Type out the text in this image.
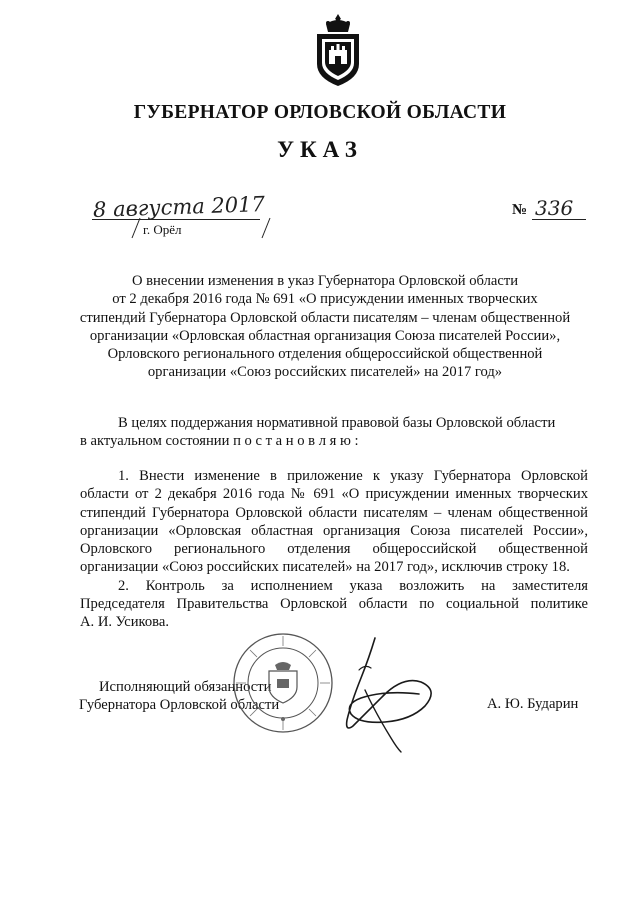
ГУБЕРНАТОР ОРЛОВСКОЙ ОБЛАСТИ
УКАЗ
8 августа 2017
г. Орёл
№ 336
О внесении изменения в указ Губернатора Орловской области
от 2 декабря 2016 года № 691 «О присуждении именных творческих
стипендий Губернатора Орловской области писателям – членам общественной
организации «Орловская областная организация Союза писателей России»,
Орловского регионального отделения общероссийской общественной
организации «Союз российских писателей» на 2017 год»
В целях поддержания нормативной правовой базы Орловской области
в актуальном состоянии п о с т а н о в л я ю :
1. Внести изменение в приложение к указу Губернатора Орловской
области от 2 декабря 2016 года № 691 «О присуждении именных творческих
стипендий Губернатора Орловской области писателям – членам общественной
организации «Орловская областная организация Союза писателей России»,
Орловского регионального отделения общероссийской общественной
организации «Союз российских писателей» на 2017 год», исключив строку 18.
2. Контроль за исполнением указа возложить на заместителя
Председателя Правительства Орловской области по социальной политике
А. И. Усикова.
Исполняющий обязанности
Губернатора Орловской области	А. Ю. Бударин
